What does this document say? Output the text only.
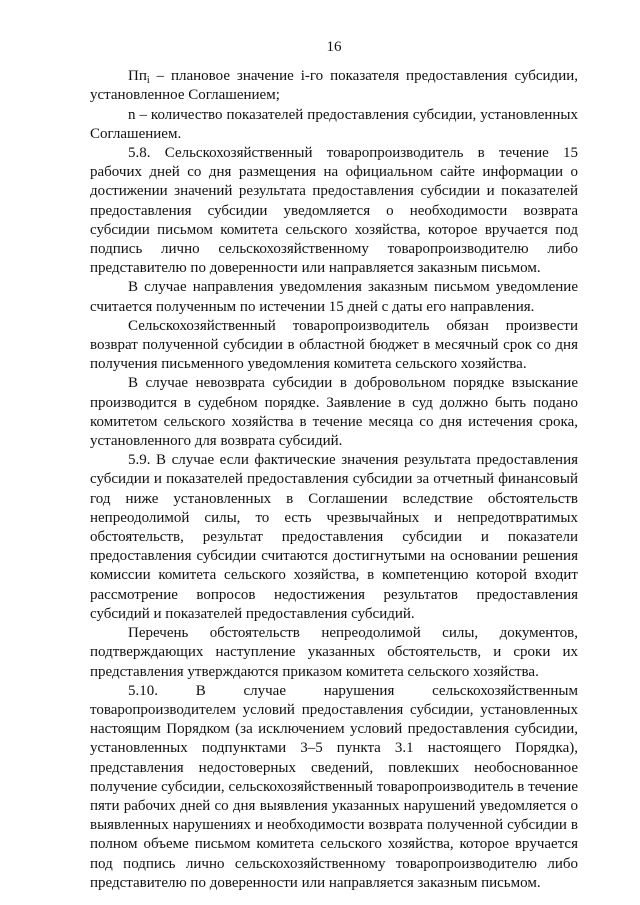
16

$Пп_i$ – плановое значение i-го показателя предоставления субсидии, установленное Соглашением;

n – количество показателей предоставления субсидии, установленных Соглашением.

5.8. Сельскохозяйственный товаропроизводитель в течение 15 рабочих дней со дня размещения на официальном сайте информации о достижении значений результата предоставления субсидии и показателей предоставления субсидии уведомляется о необходимости возврата субсидии письмом комитета сельского хозяйства, которое вручается под подпись лично сельскохозяйственному товаропроизводителю либо представителю по доверенности или направляется заказным письмом.

В случае направления уведомления заказным письмом уведомление считается полученным по истечении 15 дней с даты его направления.

Сельскохозяйственный товаропроизводитель обязан произвести возврат полученной субсидии в областной бюджет в месячный срок со дня получения письменного уведомления комитета сельского хозяйства.

В случае невозврата субсидии в добровольном порядке взыскание производится в судебном порядке. Заявление в суд должно быть подано комитетом сельского хозяйства в течение месяца со дня истечения срока, установленного для возврата субсидий.

5.9. В случае если фактические значения результата предоставления субсидии и показателей предоставления субсидии за отчетный финансовый год ниже установленных в Соглашении вследствие обстоятельств непреодолимой силы, то есть чрезвычайных и непредотвратимых обстоятельств, результат предоставления субсидии и показатели предоставления субсидии считаются достигнутыми на основании решения комиссии комитета сельского хозяйства, в компетенцию которой входит рассмотрение вопросов недостижения результатов предоставления субсидий и показателей предоставления субсидий.

Перечень обстоятельств непреодолимой силы, документов, подтверждающих наступление указанных обстоятельств, и сроки их представления утверждаются приказом комитета сельского хозяйства.

5.10. В случае нарушения сельскохозяйственным товаропроизводителем условий предоставления субсидии, установленных настоящим Порядком (за исключением условий предоставления субсидии, установленных подпунктами 3–5 пункта 3.1 настоящего Порядка), представления недостоверных сведений, повлекших необоснованное получение субсидии, сельскохозяйственный товаропроизводитель в течение пяти рабочих дней со дня выявления указанных нарушений уведомляется о выявленных нарушениях и необходимости возврата полученной субсидии в полном объеме письмом комитета сельского хозяйства, которое вручается под подпись лично сельскохозяйственному товаропроизводителю либо представителю по доверенности или направляется заказным письмом.
